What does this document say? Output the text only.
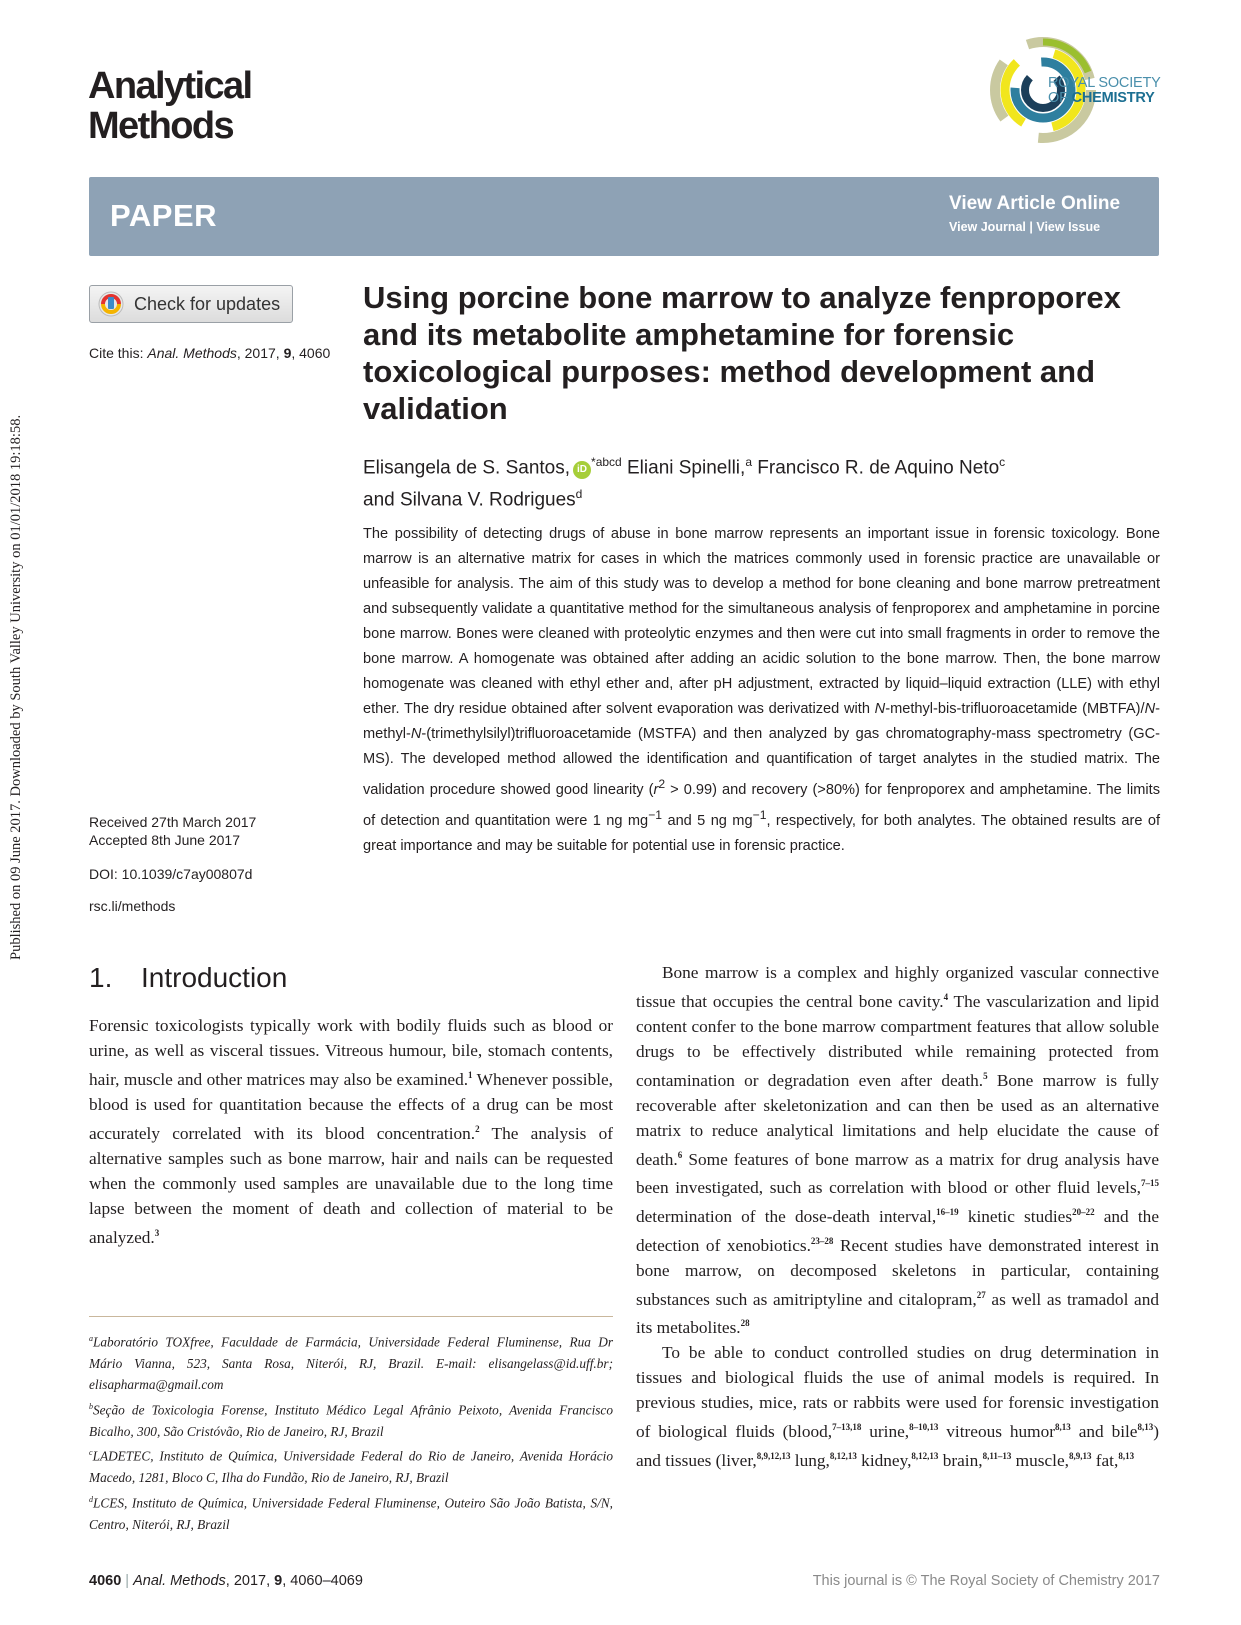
Published on 09 June 2017. Downloaded by South Valley University on 01/01/2018 19:18:58.
Analytical
Methods
ROYAL SOCIETY
OF CHEMISTRY
PAPER	View Article Online
View Journal | View Issue
Check for updates
Cite this: Anal. Methods, 2017, 9, 4060
Using porcine bone marrow to analyze fenproporex and its metabolite amphetamine for forensic toxicological purposes: method development and validation
Elisangela de S. Santos, $iD^{*abcd}$ Eliani Spinelli,$^a$ Francisco R. de Aquino Neto$^c$
and Silvana V. Rodrigues$^d$
The possibility of detecting drugs of abuse in bone marrow represents an important issue in forensic toxicology. Bone marrow is an alternative matrix for cases in which the matrices commonly used in forensic practice are unavailable or unfeasible for analysis. The aim of this study was to develop a method for bone cleaning and bone marrow pretreatment and subsequently validate a quantitative method for the simultaneous analysis of fenproporex and amphetamine in porcine bone marrow. Bones were cleaned with proteolytic enzymes and then were cut into small fragments in order to remove the bone marrow. A homogenate was obtained after adding an acidic solution to the bone marrow. Then, the bone marrow homogenate was cleaned with ethyl ether and, after pH adjustment, extracted by liquid–liquid extraction (LLE) with ethyl ether. The dry residue obtained after solvent evaporation was derivatized with N-methyl-bis-trifluoroacetamide (MBTFA)/N-methyl-N-(trimethylsilyl)trifluoroacetamide (MSTFA) and then analyzed by gas chromatography-mass spectrometry (GC-MS). The developed method allowed the identification and quantification of target analytes in the studied matrix. The validation procedure showed good linearity $(r^2 > 0.99)$ and recovery (>80%) for fenproporex and amphetamine. The limits of detection and quantitation were 1 ng $mg^{-1}$ and 5 ng $mg^{-1}$, respectively, for both analytes. The obtained results are of great importance and may be suitable for potential use in forensic practice.
Received 27th March 2017
Accepted 8th June 2017
DOI: 10.1039/c7ay00807d
rsc.li/methods
1. Introduction

Forensic toxicologists typically work with bodily fluids such as blood or urine, as well as visceral tissues. Vitreous humour, bile, stomach contents, hair, muscle and other matrices may also be examined.$^1$ Whenever possible, blood is used for quantitation because the effects of a drug can be most accurately correlated with its blood concentration.$^2$ The analysis of alternative samples such as bone marrow, hair and nails can be requested when the commonly used samples are unavailable due to the long time lapse between the moment of death and collection of material to be analyzed.$^3$

Bone marrow is a complex and highly organized vascular connective tissue that occupies the central bone cavity.$^4$ The vascularization and lipid content confer to the bone marrow compartment features that allow soluble drugs to be effectively distributed while remaining protected from contamination or degradation even after death.$^5$ Bone marrow is fully recoverable after skeletonization and can then be used as an alternative matrix to reduce analytical limitations and help elucidate the cause of death.$^6$ Some features of bone marrow as a matrix for drug analysis have been investigated, such as correlation with blood or other fluid levels,$^{7-15}$ determination of the dose-death interval,$^{16-19}$ kinetic studies$^{20-22}$ and the detection of xenobiotics.$^{23-28}$ Recent studies have demonstrated interest in bone marrow, on decomposed skeletons in particular, containing substances such as amitriptyline and citalopram,$^{27}$ as well as tramadol and its metabolites.$^{28}$

To be able to conduct controlled studies on drug determination in tissues and biological fluids the use of animal models is required. In previous studies, mice, rats or rabbits were used for forensic investigation of biological fluids (blood,$^{7-13,18}$ urine,$^{8-10,13}$ vitreous humor$^{8,13}$ and bile$^{8,13}$) and tissues (liver,$^{8,9,12,13}$ lung,$^{8,12,13}$ kidney,$^{8,12,13}$ brain,$^{8,11-13}$ muscle,$^{8,9,13}$ fat,$^{8,13}$

$^a$Laboratório TOXfree, Faculdade de Farmácia, Universidade Federal Fluminense, Rua Dr Mário Vianna, 523, Santa Rosa, Niterói, RJ, Brazil. E-mail: elisangelass@id.uff.br; elisapharma@gmail.com

$^b$Seção de Toxicologia Forense, Instituto Médico Legal Afrânio Peixoto, Avenida Francisco Bicalho, 300, São Cristóvão, Rio de Janeiro, RJ, Brazil

$^c$LADETEC, Instituto de Química, Universidade Federal do Rio de Janeiro, Avenida Horácio Macedo, 1281, Bloco C, Ilha do Fundão, Rio de Janeiro, RJ, Brazil

$^d$LCES, Instituto de Química, Universidade Federal Fluminense, Outeiro São João Batista, S/N, Centro, Niterói, RJ, Brazil

4060 | Anal. Methods, 2017, 9, 4060–4069	This journal is © The Royal Society of Chemistry 2017
